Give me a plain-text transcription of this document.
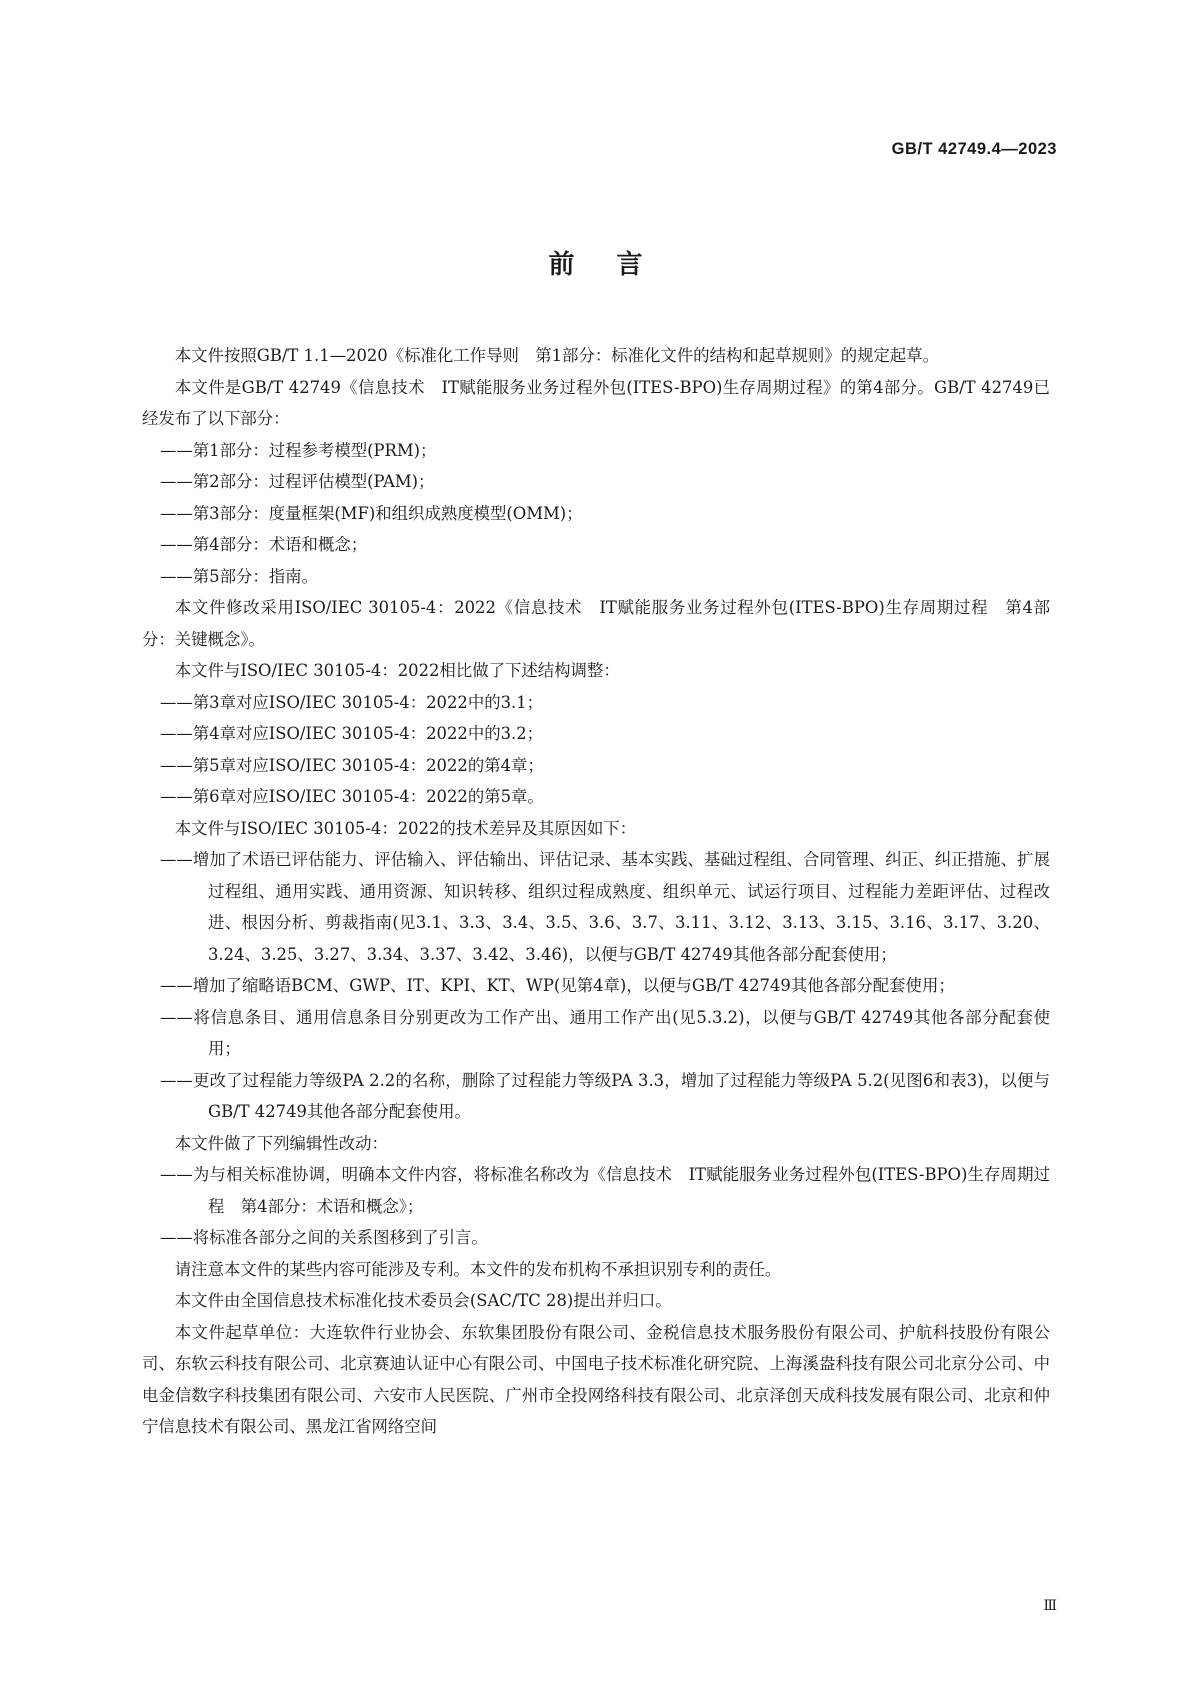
GB/T 42749.4—2023
前言
本文件按照GB/T 1.1—2020《标准化工作导则　第1部分：标准化文件的结构和起草规则》的规定起草。
本文件是GB/T 42749《信息技术　IT赋能服务业务过程外包(ITES-BPO)生存周期过程》的第4部分。GB/T 42749已经发布了以下部分：
——第1部分：过程参考模型(PRM)；
——第2部分：过程评估模型(PAM)；
——第3部分：度量框架(MF)和组织成熟度模型(OMM)；
——第4部分：术语和概念；
——第5部分：指南。
本文件修改采用ISO/IEC 30105-4：2022《信息技术　IT赋能服务业务过程外包(ITES-BPO)生存周期过程　第4部分：关键概念》。
本文件与ISO/IEC 30105-4：2022相比做了下述结构调整：
——第3章对应ISO/IEC 30105-4：2022中的3.1；
——第4章对应ISO/IEC 30105-4：2022中的3.2；
——第5章对应ISO/IEC 30105-4：2022的第4章；
——第6章对应ISO/IEC 30105-4：2022的第5章。
本文件与ISO/IEC 30105-4：2022的技术差异及其原因如下：
——增加了术语已评估能力、评估输入、评估输出、评估记录、基本实践、基础过程组、合同管理、纠正、纠正措施、扩展过程组、通用实践、通用资源、知识转移、组织过程成熟度、组织单元、试运行项目、过程能力差距评估、过程改进、根因分析、剪裁指南(见3.1、3.3、3.4、3.5、3.6、3.7、3.11、3.12、3.13、3.15、3.16、3.17、3.20、3.24、3.25、3.27、3.34、3.37、3.42、3.46)，以便与GB/T 42749其他各部分配套使用；
——增加了缩略语BCM、GWP、IT、KPI、KT、WP(见第4章)，以便与GB/T 42749其他各部分配套使用；
——将信息条目、通用信息条目分别更改为工作产出、通用工作产出(见5.3.2)，以便与GB/T 42749其他各部分配套使用；
——更改了过程能力等级PA 2.2的名称，删除了过程能力等级PA 3.3，增加了过程能力等级PA 5.2(见图6和表3)，以便与GB/T 42749其他各部分配套使用。
本文件做了下列编辑性改动：
——为与相关标准协调，明确本文件内容，将标准名称改为《信息技术　IT赋能服务业务过程外包(ITES-BPO)生存周期过程　第4部分：术语和概念》；
——将标准各部分之间的关系图移到了引言。
请注意本文件的某些内容可能涉及专利。本文件的发布机构不承担识别专利的责任。
本文件由全国信息技术标准化技术委员会(SAC/TC 28)提出并归口。
本文件起草单位：大连软件行业协会、东软集团股份有限公司、金税信息技术服务股份有限公司、护航科技股份有限公司、东软云科技有限公司、北京赛迪认证中心有限公司、中国电子技术标准化研究院、上海溪盎科技有限公司北京分公司、中电金信数字科技集团有限公司、六安市人民医院、广州市全投网络科技有限公司、北京泽创天成科技发展有限公司、北京和仲宁信息技术有限公司、黑龙江省网络空间
Ⅲ
